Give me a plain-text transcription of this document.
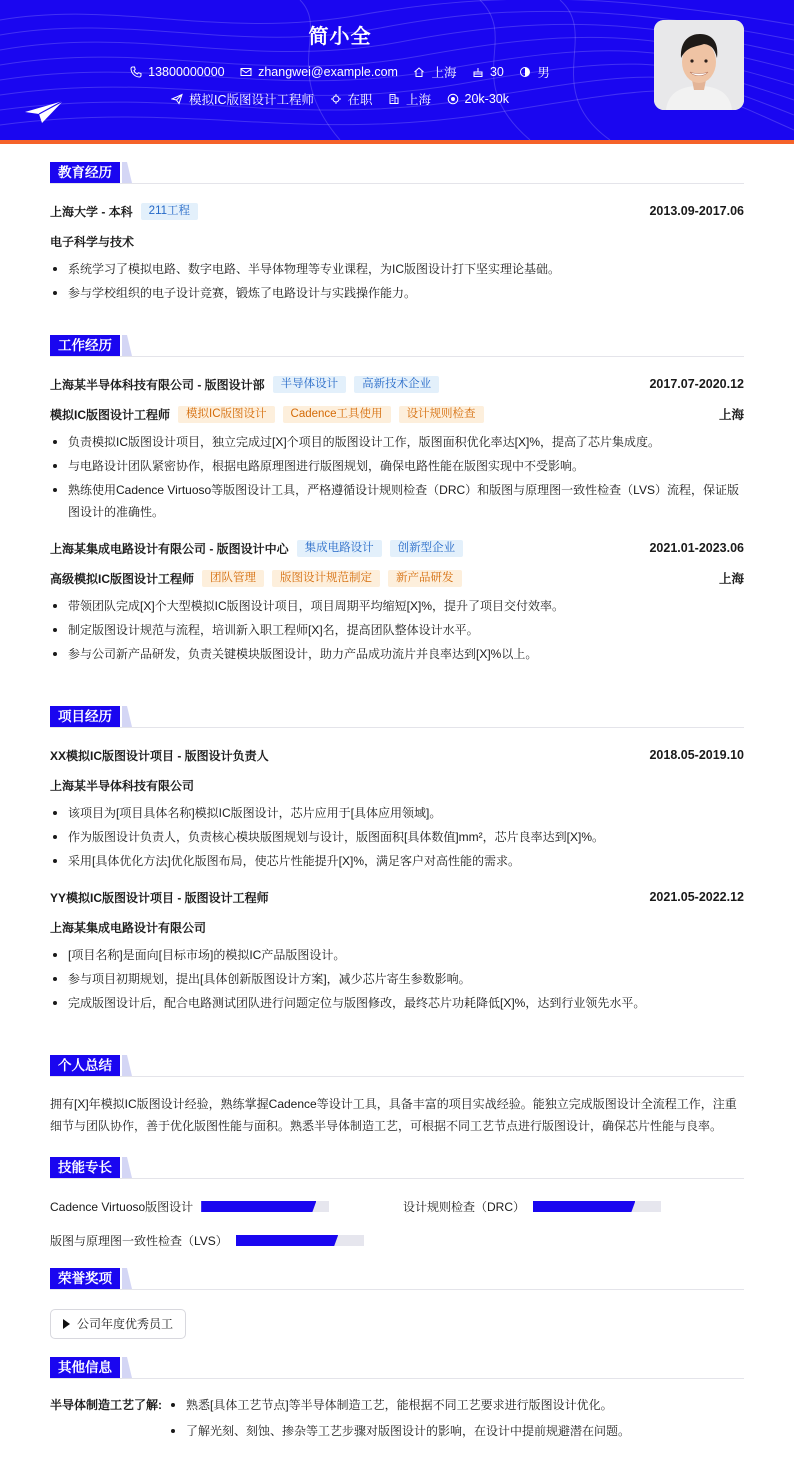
简小全
13800000000
	zhangwei@example.com
	上海
	30
	男
模拟IC版图设计工程师
	在职
	上海
	20k-30k
教育经历
上海大学 - 本科	211工程	2013.09-2017.06
电子科学与技术
系统学习了模拟电路、数字电路、半导体物理等专业课程，为IC版图设计打下坚实理论基础。
参与学校组织的电子设计竞赛，锻炼了电路设计与实践操作能力。
工作经历
上海某半导体科技有限公司 - 版图设计部	半导体设计	高新技术企业	2017.07-2020.12
模拟IC版图设计工程师	模拟IC版图设计	Cadence工具使用	设计规则检查	上海
负责模拟IC版图设计项目，独立完成过[X]个项目的版图设计工作，版图面积优化率达[X]%，提高了芯片集成度。
与电路设计团队紧密协作，根据电路原理图进行版图规划，确保电路性能在版图实现中不受影响。
熟练使用Cadence Virtuoso等版图设计工具，严格遵循设计规则检查（DRC）和版图与原理图一致性检查（LVS）流程，保证版图设计的准确性。
上海某集成电路设计有限公司 - 版图设计中心	集成电路设计	创新型企业	2021.01-2023.06
高级模拟IC版图设计工程师	团队管理	版图设计规范制定	新产品研发	上海
带领团队完成[X]个大型模拟IC版图设计项目，项目周期平均缩短[X]%，提升了项目交付效率。
制定版图设计规范与流程，培训新入职工程师[X]名，提高团队整体设计水平。
参与公司新产品研发，负责关键模块版图设计，助力产品成功流片并良率达到[X]%以上。
项目经历
XX模拟IC版图设计项目 - 版图设计负责人	2018.05-2019.10
上海某半导体科技有限公司
该项目为[项目具体名称]模拟IC版图设计，芯片应用于[具体应用领域]。
作为版图设计负责人，负责核心模块版图规划与设计，版图面积[具体数值]mm²，芯片良率达到[X]%。
采用[具体优化方法]优化版图布局，使芯片性能提升[X]%，满足客户对高性能的需求。
YY模拟IC版图设计项目 - 版图设计工程师	2021.05-2022.12
上海某集成电路设计有限公司
[项目名称]是面向[目标市场]的模拟IC产品版图设计。
参与项目初期规划，提出[具体创新版图设计方案]，减少芯片寄生参数影响。
完成版图设计后，配合电路测试团队进行问题定位与版图修改，最终芯片功耗降低[X]%，达到行业领先水平。
个人总结
拥有[X]年模拟IC版图设计经验，熟练掌握Cadence等设计工具，具备丰富的项目实战经验。能独立完成版图设计全流程工作，注重细节与团队协作，善于优化版图性能与面积。熟悉半导体制造工艺，可根据不同工艺节点进行版图设计，确保芯片性能与良率。
技能专长
Cadence Virtuoso版图设计	设计规则检查（DRC）
版图与原理图一致性检查（LVS）
荣誉奖项
公司年度优秀员工
其他信息
半导体制造工艺了解:	熟悉[具体工艺节点]等半导体制造工艺，能根据不同工艺要求进行版图设计优化。
了解光刻、刻蚀、掺杂等工艺步骤对版图设计的影响，在设计中提前规避潜在问题。
